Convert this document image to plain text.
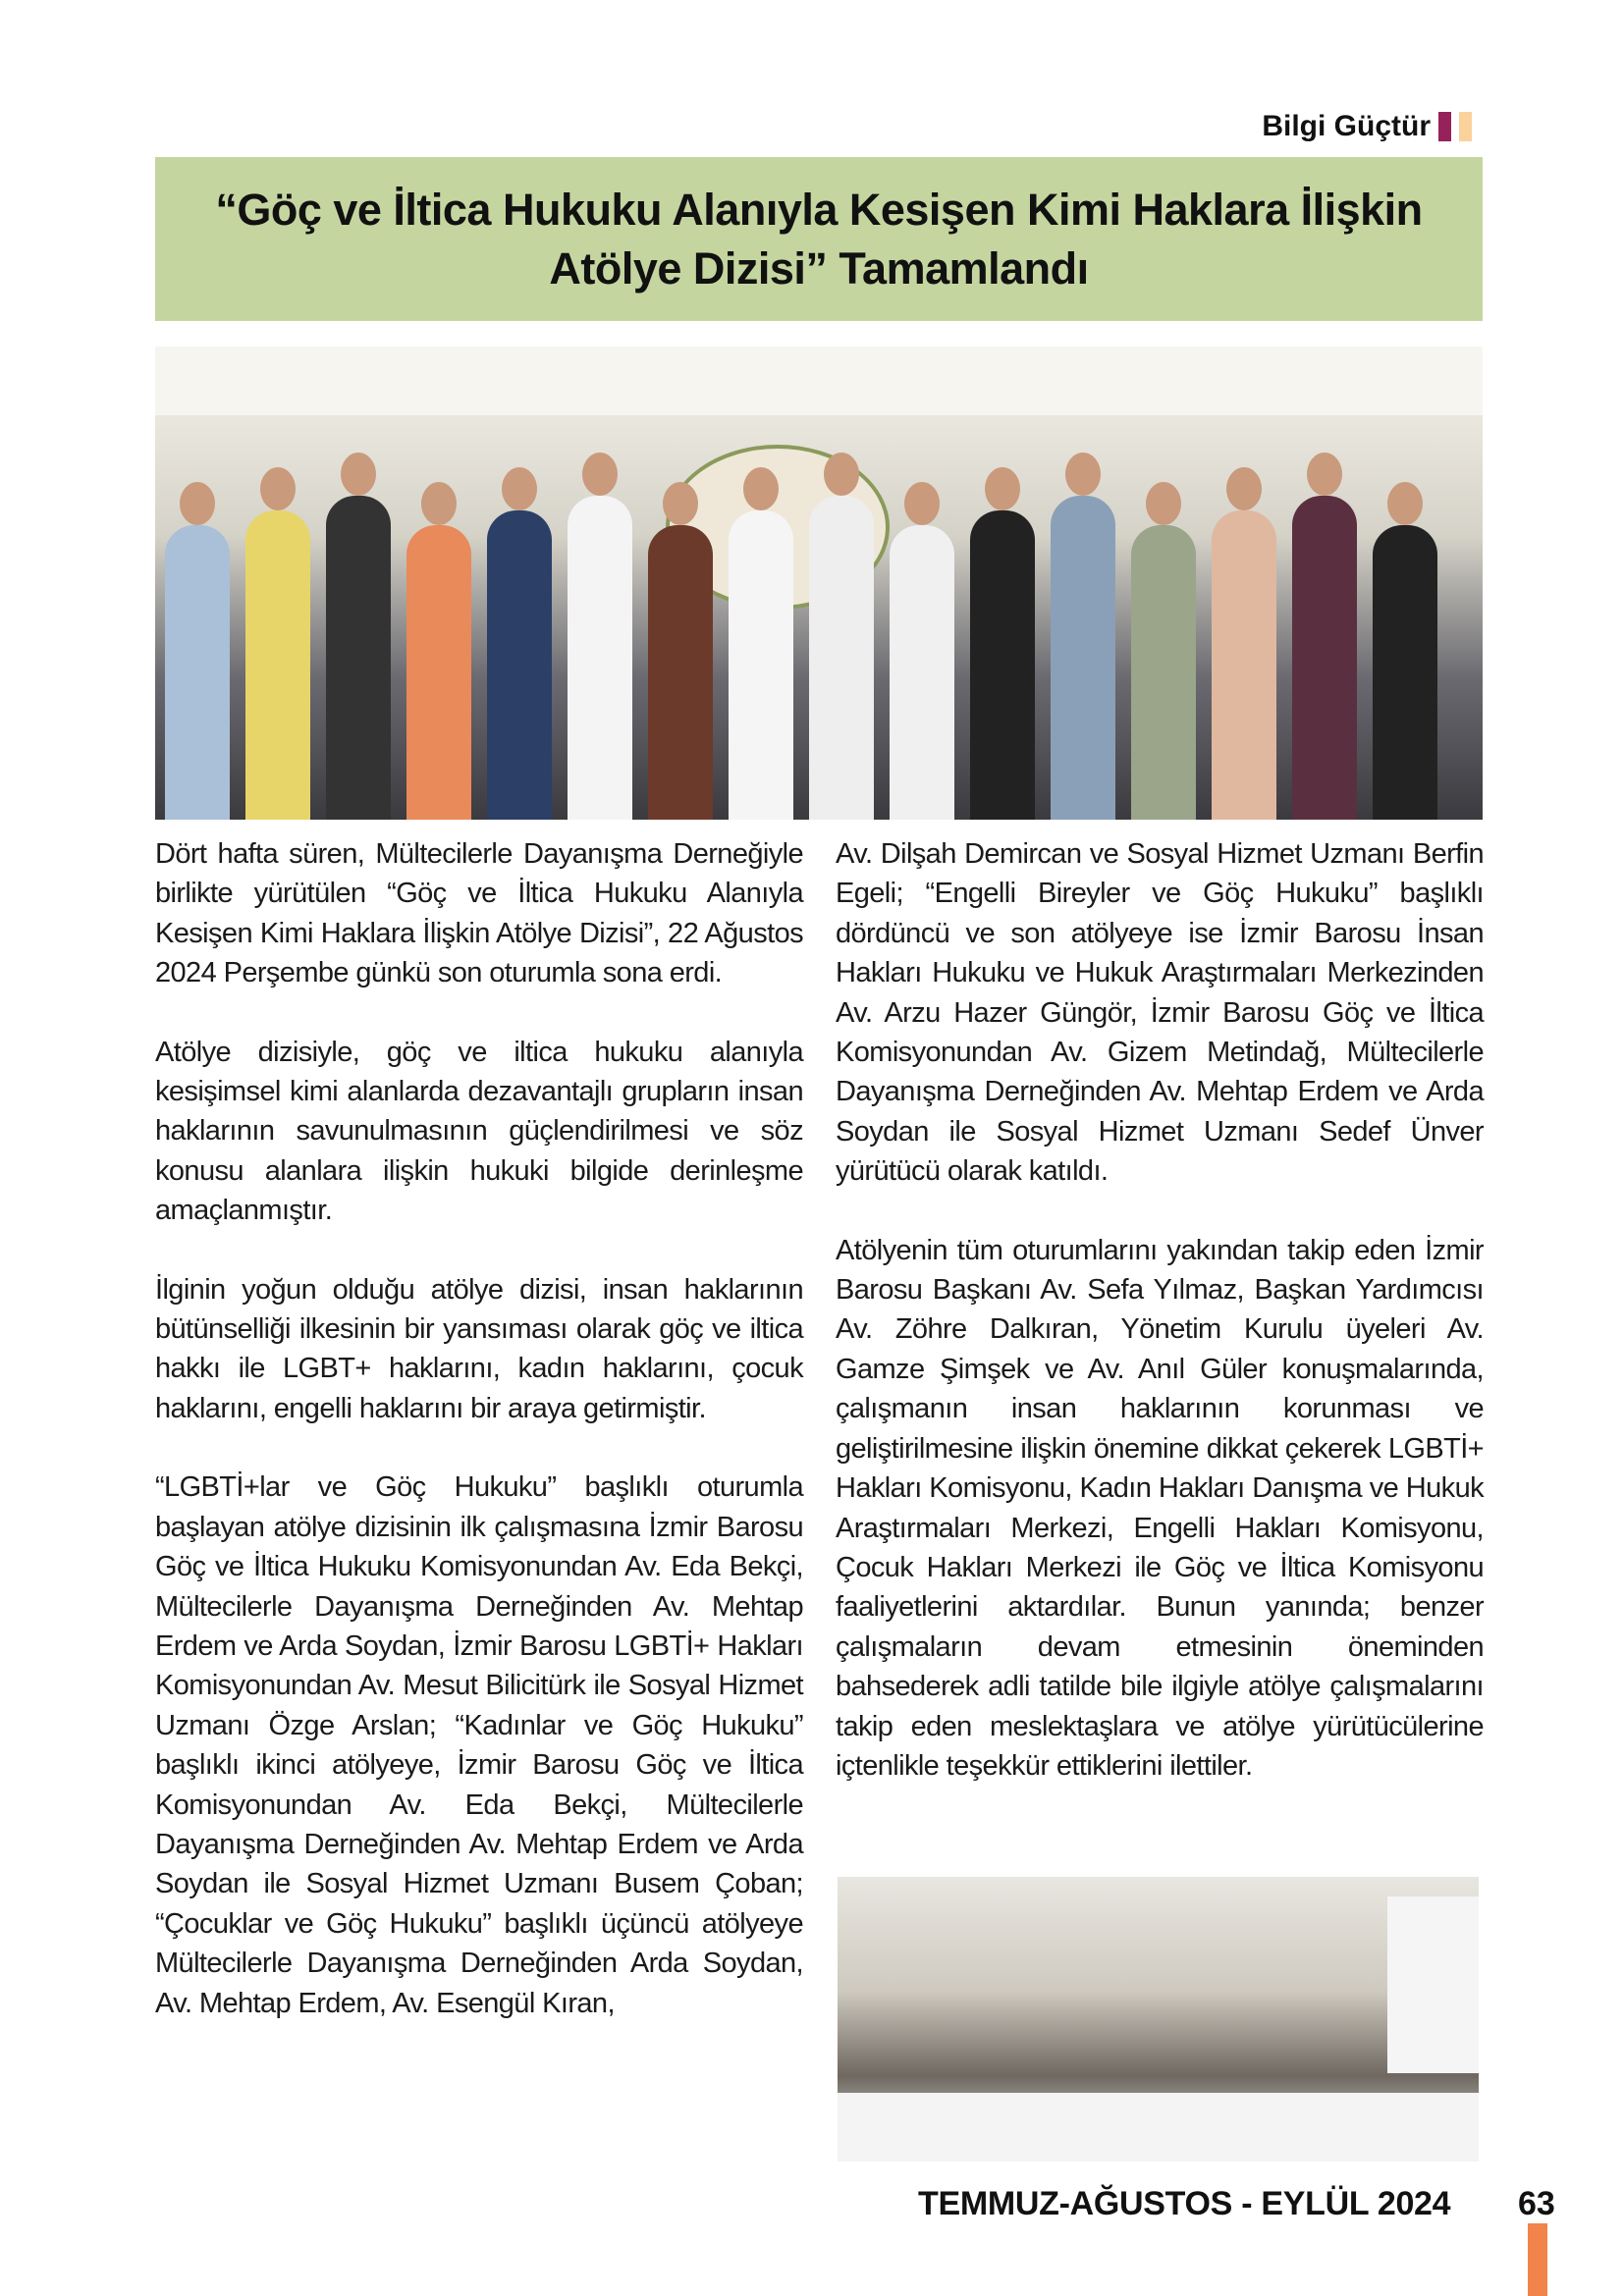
Bilgi Güçtür
“Göç ve İltica Hukuku Alanıyla Kesişen Kimi Haklara İlişkin
Atölye Dizisi” Tamamlandı

Dört hafta süren, Mültecilerle Dayanışma Derneğiyle birlikte yürütülen “Göç ve İltica Hukuku Alanıyla Kesişen Kimi Haklara İlişkin Atölye Dizisi”, 22 Ağustos 2024 Perşembe günkü son oturumla sona erdi.

Atölye dizisiyle, göç ve iltica hukuku alanıyla kesişimsel kimi alanlarda dezavantajlı grupların insan haklarının savunulmasının güçlendirilmesi ve söz konusu alanlara ilişkin hukuki bilgide derinleşme amaçlanmıştır.

İlginin yoğun olduğu atölye dizisi, insan haklarının bütünselliği ilkesinin bir yansıması olarak göç ve iltica hakkı ile LGBT+ haklarını, kadın haklarını, çocuk haklarını, engelli haklarını bir araya getirmiştir.

“LGBTİ+lar ve Göç Hukuku” başlıklı oturumla başlayan atölye dizisinin ilk çalışmasına İzmir Barosu Göç ve İltica Hukuku Komisyonundan Av. Eda Bekçi, Mültecilerle Dayanışma Derneğinden Av. Mehtap Erdem ve Arda Soydan, İzmir Barosu LGBTİ+ Hakları Komisyonundan Av. Mesut Bilicitürk ile Sosyal Hizmet Uzmanı Özge Arslan; “Kadınlar ve Göç Hukuku” başlıklı ikinci atölyeye, İzmir Barosu Göç ve İltica Komisyonundan Av. Eda Bekçi, Mültecilerle Dayanışma Derneğinden Av. Mehtap Erdem ve Arda Soydan ile Sosyal Hizmet Uzmanı Busem Çoban; “Çocuklar ve Göç Hukuku” başlıklı üçüncü atölyeye Mültecilerle Dayanışma Derneğinden Arda Soydan, Av. Mehtap Erdem, Av. Esengül Kıran,

Av. Dilşah Demircan ve Sosyal Hizmet Uzmanı Berfin Egeli; “Engelli Bireyler ve Göç Hukuku” başlıklı dördüncü ve son atölyeye ise İzmir Barosu İnsan Hakları Hukuku ve Hukuk Araştırmaları Merkezinden Av. Arzu Hazer Güngör, İzmir Barosu Göç ve İltica Komisyonundan Av. Gizem Metindağ, Mültecilerle Dayanışma Derneğinden Av. Mehtap Erdem ve Arda Soydan ile Sosyal Hizmet Uzmanı Sedef Ünver yürütücü olarak katıldı.

Atölyenin tüm oturumlarını yakından takip eden İzmir Barosu Başkanı Av. Sefa Yılmaz, Başkan Yardımcısı Av. Zöhre Dalkıran, Yönetim Kurulu üyeleri Av. Gamze Şimşek ve Av. Anıl Güler konuşmalarında, çalışmanın insan haklarının korunması ve geliştirilmesine ilişkin önemine dikkat çekerek LGBTİ+ Hakları Komisyonu, Kadın Hakları Danışma ve Hukuk Araştırmaları Merkezi, Engelli Hakları Komisyonu, Çocuk Hakları Merkezi ile Göç ve İltica Komisyonu faaliyetlerini aktardılar. Bunun yanında; benzer çalışmaların devam etmesinin öneminden bahsederek adli tatilde bile ilgiyle atölye çalışmalarını takip eden meslektaşlara ve atölye yürütücülerine içtenlikle teşekkür ettiklerini ilettiler.

TEMMUZ-AĞUSTOS - EYLÜL 2024 63
